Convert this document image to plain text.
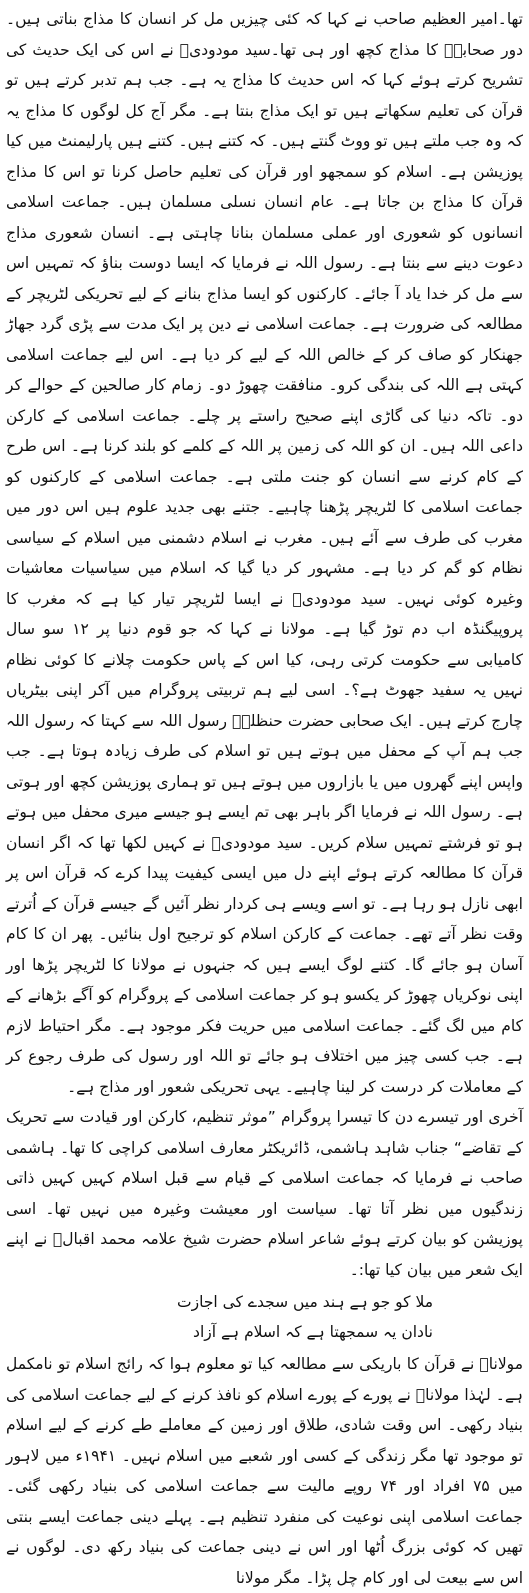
تھا۔امیر العظیم صاحب نے کہا کہ کئی چیزیں مل کر انسان کا مذاج بناتی ہیں۔ دور صحابہؓ کا مذاج کچھ اور ہی تھا۔سید مودودیؒ نے اس کی ایک حدیث کی تشریح کرتے ہوئے کہا کہ اس حدیث کا مذاج یہ ہے۔ جب ہم تدبر کرتے ہیں تو قرآن کی تعلیم سکھاتے ہیں تو ایک مذاج بنتا ہے۔ مگر آج کل لوگوں کا مذاج یہ کہ وہ جب ملتے ہیں تو ووٹ گنتے ہیں۔ کہ کتنے ہیں۔ کتنے ہیں پارلیمنٹ میں کیا پوزیشن ہے۔ اسلام کو سمجھو اور قرآن کی تعلیم حاصل کرنا تو اس کا مذاج قرآن کا مذاج بن جاتا ہے۔ عام انسان نسلی مسلمان ہیں۔ جماعت اسلامی انسانوں کو شعوری اور عملی مسلمان بنانا چاہتی ہے۔ انسان شعوری مذاج دعوت دینے سے بنتا ہے۔ رسول اللہ نے فرمایا کہ ایسا دوست بناؤ کہ تمہیں اس سے مل کر خدا یاد آ جائے۔ کارکنوں کو ایسا مذاج بنانے کے لیے تحریکی لٹریچر کے مطالعہ کی ضرورت ہے۔ جماعت اسلامی نے دین پر ایک مدت سے پڑی گرد جھاڑ جھنکار کو صاف کر کے خالص اللہ کے لیے کر دیا ہے۔ اس لیے جماعت اسلامی کہتی ہے اللہ کی بندگی کرو۔ منافقت چھوڑ دو۔ زمام کار صالحین کے حوالے کر دو۔ تاکہ دنیا کی گاڑی اپنے صحیح راستے پر چلے۔ جماعت اسلامی کے کارکن داعی اللہ ہیں۔ ان کو اللہ کی زمین پر اللہ کے کلمے کو بلند کرنا ہے۔ اس طرح کے کام کرنے سے انسان کو جنت ملتی ہے۔ جماعت اسلامی کے کارکنوں کو جماعت اسلامی کا لٹریچر پڑھنا چاہیے۔ جتنے بھی جدید علوم ہیں اس دور میں مغرب کی طرف سے آئے ہیں۔ مغرب نے اسلام دشمنی میں اسلام کے سیاسی نظام کو گم کر دیا ہے۔ مشہور کر دیا گیا کہ اسلام میں سیاسیات معاشیات وغیرہ کوئی نہیں۔ سید مودودیؒ نے ایسا لٹریچر تیار کیا ہے کہ مغرب کا پروپیگنڈہ اب دم توڑ گیا ہے۔ مولانا نے کہا کہ جو قوم دنیا پر ۱۲ سو سال کامیابی سے حکومت کرتی رہی، کیا اس کے پاس حکومت چلانے کا کوئی نظام نہیں یہ سفید جھوٹ ہے؟۔ اسی لیے ہم تربیتی پروگرام میں آکر اپنی بیٹریاں چارج کرتے ہیں۔ ایک صحابی حضرت حنظلہؓ رسول اللہ سے کہتا کہ رسول اللہ جب ہم آپ کے محفل میں ہوتے ہیں تو اسلام کی طرف زیادہ ہوتا ہے۔ جب واپس اپنے گھروں میں یا بازاروں میں ہوتے ہیں تو ہماری پوزیشن کچھ اور ہوتی ہے۔ رسول اللہ نے فرمایا اگر باہر بھی تم ایسے ہو جیسے میری محفل میں ہوتے ہو تو فرشتے تمہیں سلام کریں۔ سید مودودیؒ نے کہیں لکھا تھا کہ اگر انسان قرآن کا مطالعہ کرتے ہوئے اپنے دل میں ایسی کیفیت پیدا کرے کہ قرآن اس پر ابھی نازل ہو رہا ہے۔ تو اسے ویسے ہی کردار نظر آئیں گے جیسے قرآن کے اُترتے وقت نظر آتے تھے۔ جماعت کے کارکن اسلام کو ترجیح اول بنائیں۔ پھر ان کا کام آسان ہو جائے گا۔ کتنے لوگ ایسے ہیں کہ جنہوں نے مولانا کا لٹریچر پڑھا اور اپنی نوکریاں چھوڑ کر یکسو ہو کر جماعت اسلامی کے پروگرام کو آگے بڑھانے کے کام میں لگ گئے۔ جماعت اسلامی میں حریت فکر موجود ہے۔ مگر احتیاط لازم ہے۔ جب کسی چیز میں اختلاف ہو جائے تو اللہ اور رسول کی طرف رجوع کر کے معاملات کر درست کر لینا چاہیے۔ یہی تحریکی شعور اور مذاج ہے۔

آخری اور تیسرے دن کا تیسرا پروگرام ”موثر تنظیم، کارکن اور قیادت سے تحریک کے تقاضے“ جناب شاہد ہاشمی، ڈائریکٹر معارف اسلامی کراچی کا تھا۔ ہاشمی صاحب نے فرمایا کہ جماعت اسلامی کے قیام سے قبل اسلام کہیں کہیں ذاتی زندگیوں میں نظر آتا تھا۔ سیاست اور معیشت وغیرہ میں نہیں تھا۔ اسی پوزیشن کو بیان کرتے ہوئے شاعر اسلام حضرت شیخ علامہ محمد اقبالؒ نے اپنے ایک شعر میں بیان کیا تھا:۔

ملا کو جو ہے ہند میں سجدے کی اجازت
نادان یہ سمجھتا ہے کہ اسلام ہے آزاد

مولاناؒ نے قرآن کا باریکی سے مطالعہ کیا تو معلوم ہوا کہ رائج اسلام تو نامکمل ہے۔ لہٰذا مولاناؒ نے پورے کے پورے اسلام کو نافذ کرنے کے لیے جماعت اسلامی کی بنیاد رکھی۔ اس وقت شادی، طلاق اور زمین کے معاملے طے کرنے کے لیے اسلام تو موجود تھا مگر زندگی کے کسی اور شعبے میں اسلام نہیں۔ ۱۹۴۱ء میں لاہور میں ۷۵ افراد اور ۷۴ روپے مالیت سے جماعت اسلامی کی بنیاد رکھی گئی۔ جماعت اسلامی اپنی نوعیت کی منفرد تنظیم ہے۔ پہلے دینی جماعت ایسے بنتی تھیں کہ کوئی بزرگ اُٹھا اور اس نے دینی جماعت کی بنیاد رکھ دی۔ لوگوں نے اس سے بیعت لی اور کام چل پڑا۔ مگر مولانا
